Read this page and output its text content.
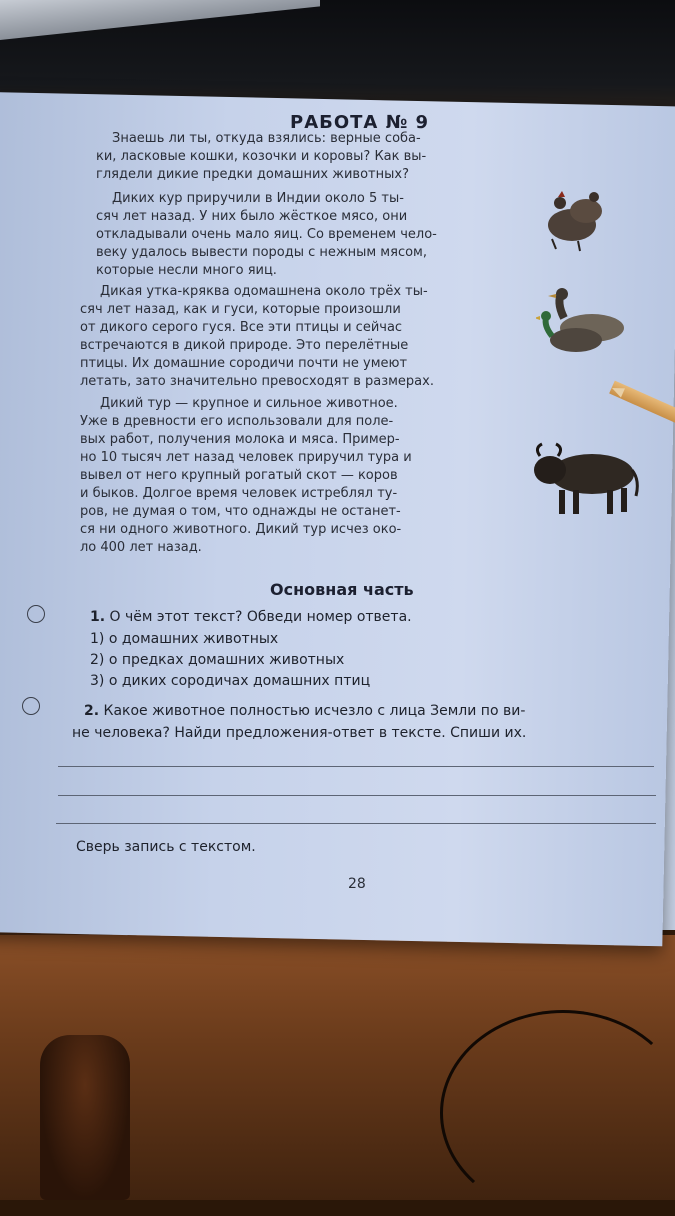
РАБОТА № 9
Знаешь ли ты, откуда взялись: верные соба-
ки, ласковые кошки, козочки и коровы? Как вы-
глядели дикие предки домашних животных?
Диких кур приручили в Индии около 5 ты-
сяч лет назад. У них было жёсткое мясо, они
откладывали очень мало яиц. Со временем чело-
веку удалось вывести породы с нежным мясом,
которые несли много яиц.
Дикая утка-кряква одомашнена около трёх ты-
сяч лет назад, как и гуси, которые произошли
от дикого серого гуся. Все эти птицы и сейчас
встречаются в дикой природе. Это перелётные
птицы. Их домашние сородичи почти не умеют
летать, зато значительно превосходят в размерах.
Дикий тур — крупное и сильное животное.
Уже в древности его использовали для поле-
вых работ, получения молока и мяса. Пример-
но 10 тысяч лет назад человек приручил тура и
вывел от него крупный рогатый скот — коров
и быков. Долгое время человек истреблял ту-
ров, не думая о том, что однажды не останет-
ся ни одного животного. Дикий тур исчез око-
ло 400 лет назад.
Основная часть
1. О чём этот текст? Обведи номер ответа.
1) о домашних животных
2) о предках домашних животных
3) о диких сородичах домашних птиц
2. Какое животное полностью исчезло с лица Земли по ви-
не человека? Найди предложения-ответ в тексте. Спиши их.
Сверь запись с текстом.
28
